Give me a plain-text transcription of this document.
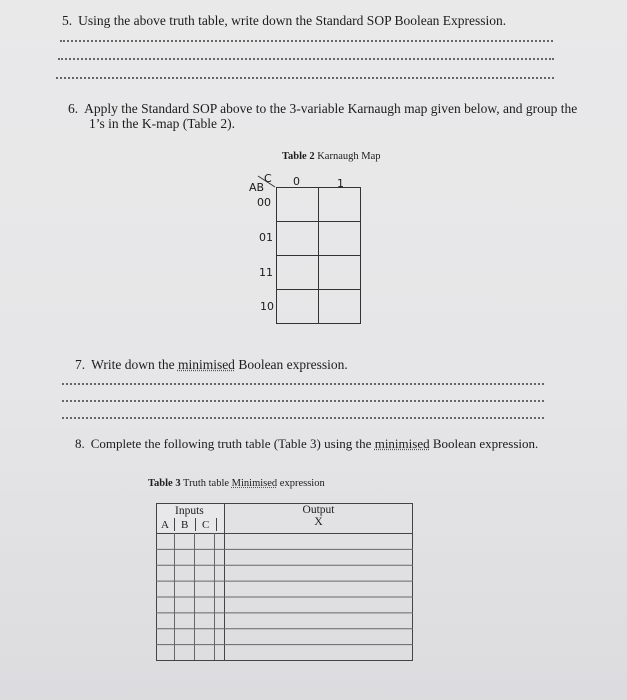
5. Using the above truth table, write down the Standard SOP Boolean Expression.
6. Apply the Standard SOP above to the 3-variable Karnaugh map given below, and group the
1’s in the K-map (Table 2).
Table 2 Karnaugh Map
C
AB	0	1
00
01
11
10

7. Write down the minimised Boolean expression.
8. Complete the following truth table (Table 3) using the minimised Boolean expression.
Table 3 Truth table Minimised expression
Output
X
Inputs
A B C
